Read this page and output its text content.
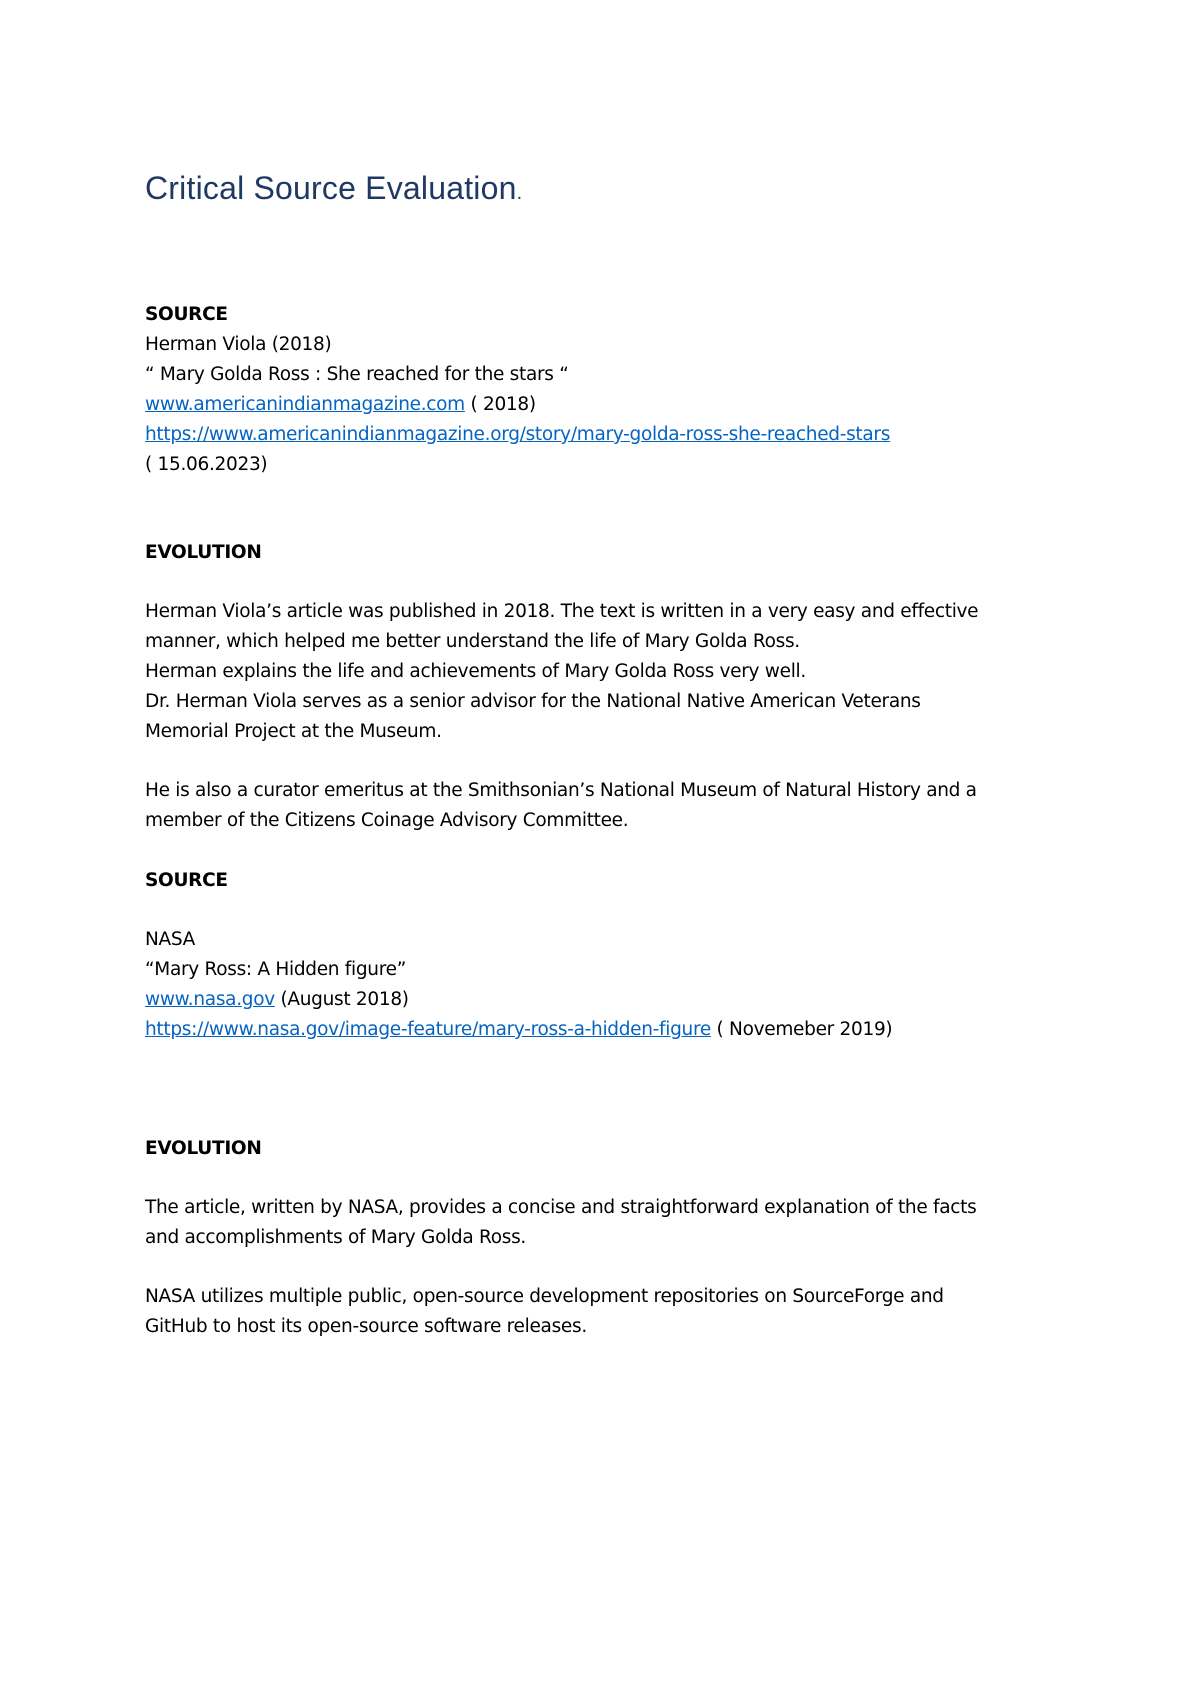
Critical Source Evaluation.
SOURCE
Herman Viola (2018)
“ Mary Golda Ross : She reached for the stars “
www.americanindianmagazine.com ( 2018)
https://www.americanindianmagazine.org/story/mary-golda-ross-she-reached-stars
( 15.06.2023)
EVOLUTION
Herman Viola’s article was published in 2018. The text is written in a very easy and effective
manner, which helped me better understand the life of Mary Golda Ross.
Herman explains the life and achievements of Mary Golda Ross very well.
Dr. Herman Viola serves as a senior advisor for the National Native American Veterans
Memorial Project at the Museum.
He is also a curator emeritus at the Smithsonian’s National Museum of Natural History and a
member of the Citizens Coinage Advisory Committee.
SOURCE
NASA
“Mary Ross: A Hidden figure”
www.nasa.gov (August 2018)
https://www.nasa.gov/image-feature/mary-ross-a-hidden-figure ( Novemeber 2019)
EVOLUTION
The article, written by NASA, provides a concise and straightforward explanation of the facts
and accomplishments of Mary Golda Ross.
NASA utilizes multiple public, open-source development repositories on SourceForge and
GitHub to host its open-source software releases.
